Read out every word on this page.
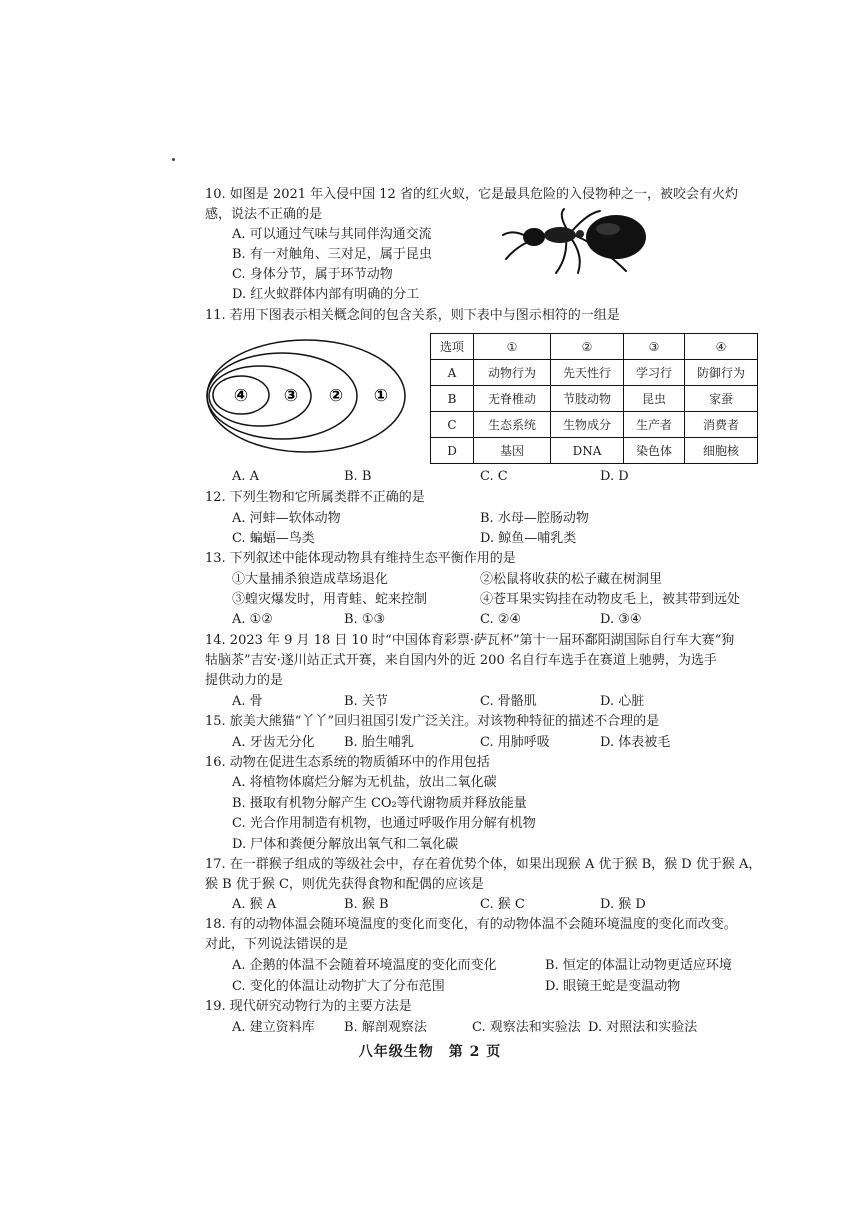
10. 如图是 2021 年入侵中国 12 省的红火蚁，它是最具危险的入侵物种之一，被咬会有火灼
感，说法不正确的是
A. 可以通过气味与其同伴沟通交流
B. 有一对触角、三对足，属于昆虫
C. 身体分节，属于环节动物
D. 红火蚁群体内部有明确的分工
11. 若用下图表示相关概念间的包含关系，则下表中与图示相符的一组是
④ ③ ② ①
选项	①	②	③	④
A	动物行为	先天性行	学习行	防御行为
B	无脊椎动	节肢动物	昆虫	家蚕
C	生态系统	生物成分	生产者	消费者
D	基因	DNA	染色体	细胞核
A. A	B. B	C. C	D. D
12. 下列生物和它所属类群不正确的是
A. 河蚌—软体动物	B. 水母—腔肠动物
C. 蝙蝠—鸟类	D. 鲸鱼—哺乳类
13. 下列叙述中能体现动物具有维持生态平衡作用的是
①大量捕杀狼造成草场退化	②松鼠将收获的松子藏在树洞里
③蝗灾爆发时，用青蛙、蛇来控制	④苍耳果实钩挂在动物皮毛上，被其带到远处
A. ①②	B. ①③	C. ②④	D. ③④
14. 2023 年 9 月 18 日 10 时“中国体育彩票·萨瓦杯”第十一届环鄱阳湖国际自行车大赛“狗
牯脑茶”吉安·遂川站正式开赛，来自国内外的近 200 名自行车选手在赛道上驰骋，为选手
提供动力的是
A. 骨	B. 关节	C. 骨骼肌	D. 心脏
15. 旅美大熊猫“丫丫”回归祖国引发广泛关注。对该物种特征的描述不合理的是
A. 牙齿无分化 B. 胎生哺乳	C. 用肺呼吸	D. 体表被毛
16. 动物在促进生态系统的物质循环中的作用包括
A. 将植物体腐烂分解为无机盐，放出二氧化碳
B. 摄取有机物分解产生 CO₂等代谢物质并释放能量
C. 光合作用制造有机物，也通过呼吸作用分解有机物
D. 尸体和粪便分解放出氧气和二氧化碳
17. 在一群猴子组成的等级社会中，存在着优势个体，如果出现猴 A 优于猴 B，猴 D 优于猴 A，
猴 B 优于猴 C，则优先获得食物和配偶的应该是
A. 猴 A	B. 猴 B	C. 猴 C	D. 猴 D
18. 有的动物体温会随环境温度的变化而变化，有的动物体温不会随环境温度的变化而改变。
对此，下列说法错误的是
A. 企鹅的体温不会随着环境温度的变化而变化	B. 恒定的体温让动物更适应环境
C. 变化的体温让动物扩大了分布范围	D. 眼镜王蛇是变温动物
19. 现代研究动物行为的主要方法是
A. 建立资料库 B. 解剖观察法	C. 观察法和实验法 D. 对照法和实验法
八年级生物　第 2 页
